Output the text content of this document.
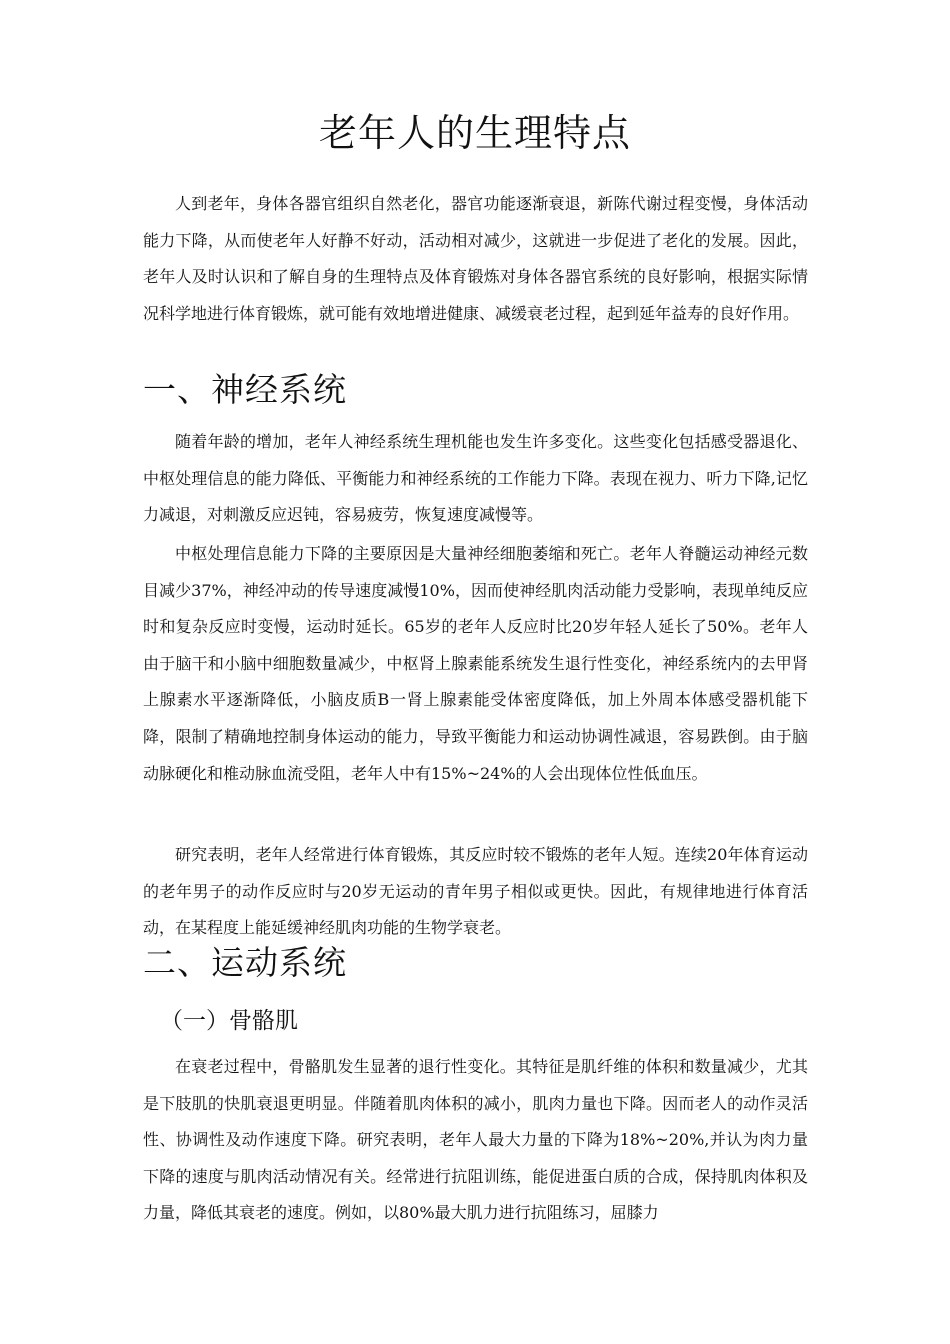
老年人的生理特点

人到老年，身体各器官组织自然老化，器官功能逐渐衰退，新陈代谢过程变慢，身体活动能力下降，从而使老年人好静不好动，活动相对减少，这就进一步促进了老化的发展。因此，老年人及时认识和了解自身的生理特点及体育锻炼对身体各器官系统的良好影响，根据实际情况科学地进行体育锻炼，就可能有效地增进健康、减缓衰老过程，起到延年益寿的良好作用。

一、神经系统

随着年龄的增加，老年人神经系统生理机能也发生许多变化。这些变化包括感受器退化、中枢处理信息的能力降低、平衡能力和神经系统的工作能力下降。表现在视力、听力下降,记忆力减退，对刺激反应迟钝，容易疲劳，恢复速度减慢等。

中枢处理信息能力下降的主要原因是大量神经细胞萎缩和死亡。老年人脊髓运动神经元数目减少37%，神经冲动的传导速度减慢10%，因而使神经肌肉活动能力受影响，表现单纯反应时和复杂反应时变慢，运动时延长。65岁的老年人反应时比20岁年轻人延长了50%。老年人由于脑干和小脑中细胞数量减少，中枢肾上腺素能系统发生退行性变化，神经系统内的去甲肾上腺素水平逐渐降低，小脑皮质Β一肾上腺素能受体密度降低，加上外周本体感受器机能下降，限制了精确地控制身体运动的能力，导致平衡能力和运动协调性减退，容易跌倒。由于脑动脉硬化和椎动脉血流受阻，老年人中有15%~24%的人会出现体位性低血压。

研究表明，老年人经常进行体育锻炼，其反应时较不锻炼的老年人短。连续20年体育运动的老年男子的动作反应时与20岁无运动的青年男子相似或更快。因此，有规律地进行体育活动，在某程度上能延缓神经肌肉功能的生物学衰老。

二、运动系统
（一）骨骼肌

在衰老过程中，骨骼肌发生显著的退行性变化。其特征是肌纤维的体积和数量减少，尤其是下肢肌的快肌衰退更明显。伴随着肌肉体积的减小，肌肉力量也下降。因而老人的动作灵活性、协调性及动作速度下降。研究表明，老年人最大力量的下降为18%~20%,并认为肉力量下降的速度与肌肉活动情况有关。经常进行抗阻训练，能促进蛋白质的合成，保持肌肉体积及力量，降低其衰老的速度。例如，以80%最大肌力进行抗阻练习，屈膝力
